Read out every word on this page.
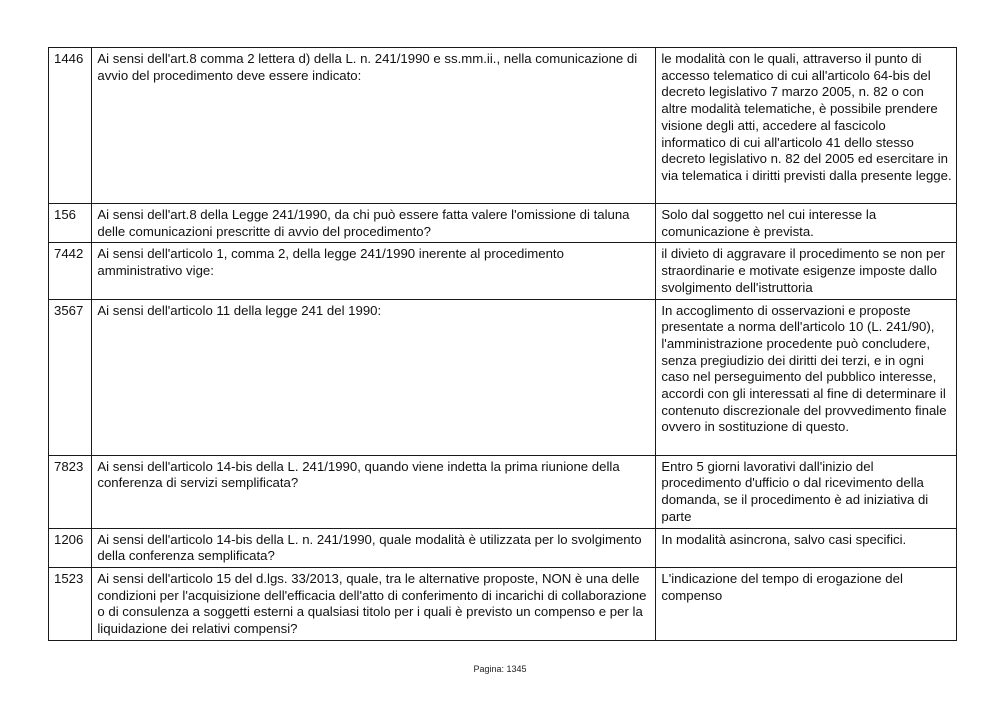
1446	Ai sensi dell'art.8 comma 2 lettera d) della L. n. 241/1990 e ss.mm.ii., nella comunicazione di avvio del procedimento deve essere indicato:	le modalità con le quali, attraverso il punto di accesso telematico di cui all'articolo 64-bis del decreto legislativo 7 marzo 2005, n. 82 o con altre modalità telematiche, è possibile prendere visione degli atti, accedere al fascicolo informatico di cui all'articolo 41 dello stesso decreto legislativo n. 82 del 2005 ed esercitare in via telematica i diritti previsti dalla presente legge.
156	Ai sensi dell'art.8 della Legge 241/1990, da chi può essere fatta valere l'omissione di taluna delle comunicazioni prescritte di avvio del procedimento?	Solo dal soggetto nel cui interesse la comunicazione è prevista.
7442	Ai sensi dell'articolo 1, comma 2, della legge 241/1990 inerente al procedimento amministrativo vige:	il divieto di aggravare il procedimento se non per straordinarie e motivate esigenze imposte dallo svolgimento dell'istruttoria
3567	Ai sensi dell'articolo 11 della legge 241 del 1990:	In accoglimento di osservazioni e proposte presentate a norma dell'articolo 10 (L. 241/90), l'amministrazione procedente può concludere, senza pregiudizio dei diritti dei terzi, e in ogni caso nel perseguimento del pubblico interesse, accordi con gli interessati al fine di determinare il contenuto discrezionale del provvedimento finale ovvero in sostituzione di questo.
7823	Ai sensi dell'articolo 14-bis della L. 241/1990, quando viene indetta la prima riunione della conferenza di servizi semplificata?	Entro 5 giorni lavorativi dall'inizio del procedimento d'ufficio o dal ricevimento della domanda, se il procedimento è ad iniziativa di parte
1206	Ai sensi dell'articolo 14-bis della L. n. 241/1990, quale modalità è utilizzata per lo svolgimento della conferenza semplificata?	In modalità asincrona, salvo casi specifici.
1523	Ai sensi dell'articolo 15 del d.lgs. 33/2013, quale, tra le alternative proposte, NON è una delle condizioni per l'acquisizione dell'efficacia dell'atto di conferimento di incarichi di collaborazione o di consulenza a soggetti esterni a qualsiasi titolo per i quali è previsto un compenso e per la liquidazione dei relativi compensi?	L'indicazione del tempo di erogazione del compenso
Pagina: 1345
